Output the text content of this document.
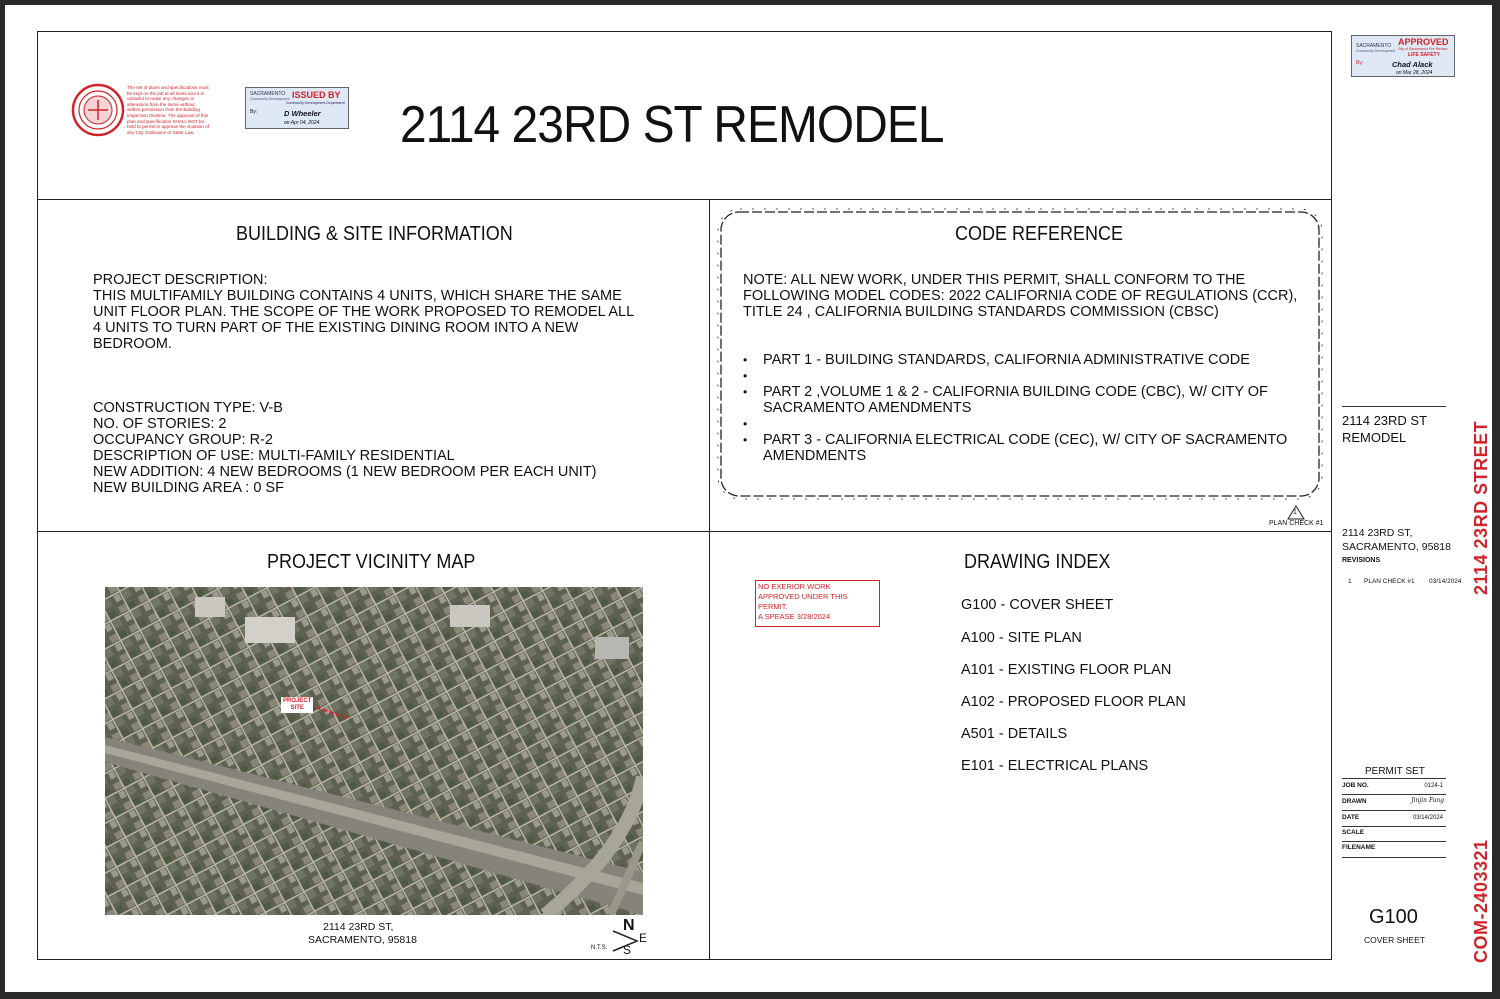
The set of plans and specifications must be kept on the job at all times and it is unlawful to make any changes or alterations from the same without written permission from the Building Inspection Division. The approval of this plan and specification SHALL NOT be held to permit or approve the violation of any City Ordinance or State Law.
SACRAMENTO
Community Development ISSUED BY
Community Development Department
By:	D Wheeler
on Apr 04, 2024 2114 23RD ST REMODEL
SACRAMENTO
Community Development
APPROVED
City of Sacramento Fire Review
LIFE SAFETY
By:	Chad Alack
on Mar 28, 2024
BUILDING & SITE INFORMATION
PROJECT DESCRIPTION:
THIS MULTIFAMILY BUILDING CONTAINS 4 UNITS, WHICH SHARE THE SAME
UNIT FLOOR PLAN. THE SCOPE OF THE WORK PROPOSED TO REMODEL ALL
4 UNITS TO TURN PART OF THE EXISTING DINING ROOM INTO A NEW
BEDROOM.
CONSTRUCTION TYPE: V-B
NO. OF STORIES: 2
OCCUPANCY GROUP: R-2
DESCRIPTION OF USE: MULTI-FAMILY RESIDENTIAL
NEW ADDITION: 4 NEW BEDROOMS (1 NEW BEDROOM PER EACH UNIT)
NEW BUILDING AREA : 0 SF
CODE REFERENCE
NOTE: ALL NEW WORK, UNDER THIS PERMIT, SHALL CONFORM TO THE
FOLLOWING MODEL CODES: 2022 CALIFORNIA CODE OF REGULATIONS (CCR),
TITLE 24 , CALIFORNIA BUILDING STANDARDS COMMISSION (CBSC)
• PART 1 - BUILDING STANDARDS, CALIFORNIA ADMINISTRATIVE CODE
•
• PART 2 ,VOLUME 1 & 2 - CALIFORNIA BUILDING CODE (CBC), W/ CITY OF SACRAMENTO AMENDMENTS
•
• PART 3 - CALIFORNIA ELECTRICAL CODE (CEC), W/ CITY OF SACRAMENTO AMENDMENTS
1
PLAN CHECK #1
PROJECT VICINITY MAP
PROJECT
SITE
2114 23RD ST,
SACRAMENTO, 95818
N.T.S.
N
E
S
DRAWING INDEX
NO EXERIOR WORK
APPROVED UNDER THIS
PERMIT.
A SPEASE 3/28/2024
G100 - COVER SHEET
A100 - SITE PLAN
A101 - EXISTING FLOOR PLAN
A102 - PROPOSED FLOOR PLAN
A501 - DETAILS
E101 - ELECTRICAL PLANS
2114 23RD ST
REMODEL
2114 23RD ST,
SACRAMENTO, 95818
REVISIONS
1 PLAN CHECK #1 03/14/2024
PERMIT SET
JOB NO.	0124-1
DRAWN	Jinjin Fang
DATE	03/14/2024
SCALE
FILENAME
G100
COVER SHEET
2114 23RD STREET
COM-2403321
